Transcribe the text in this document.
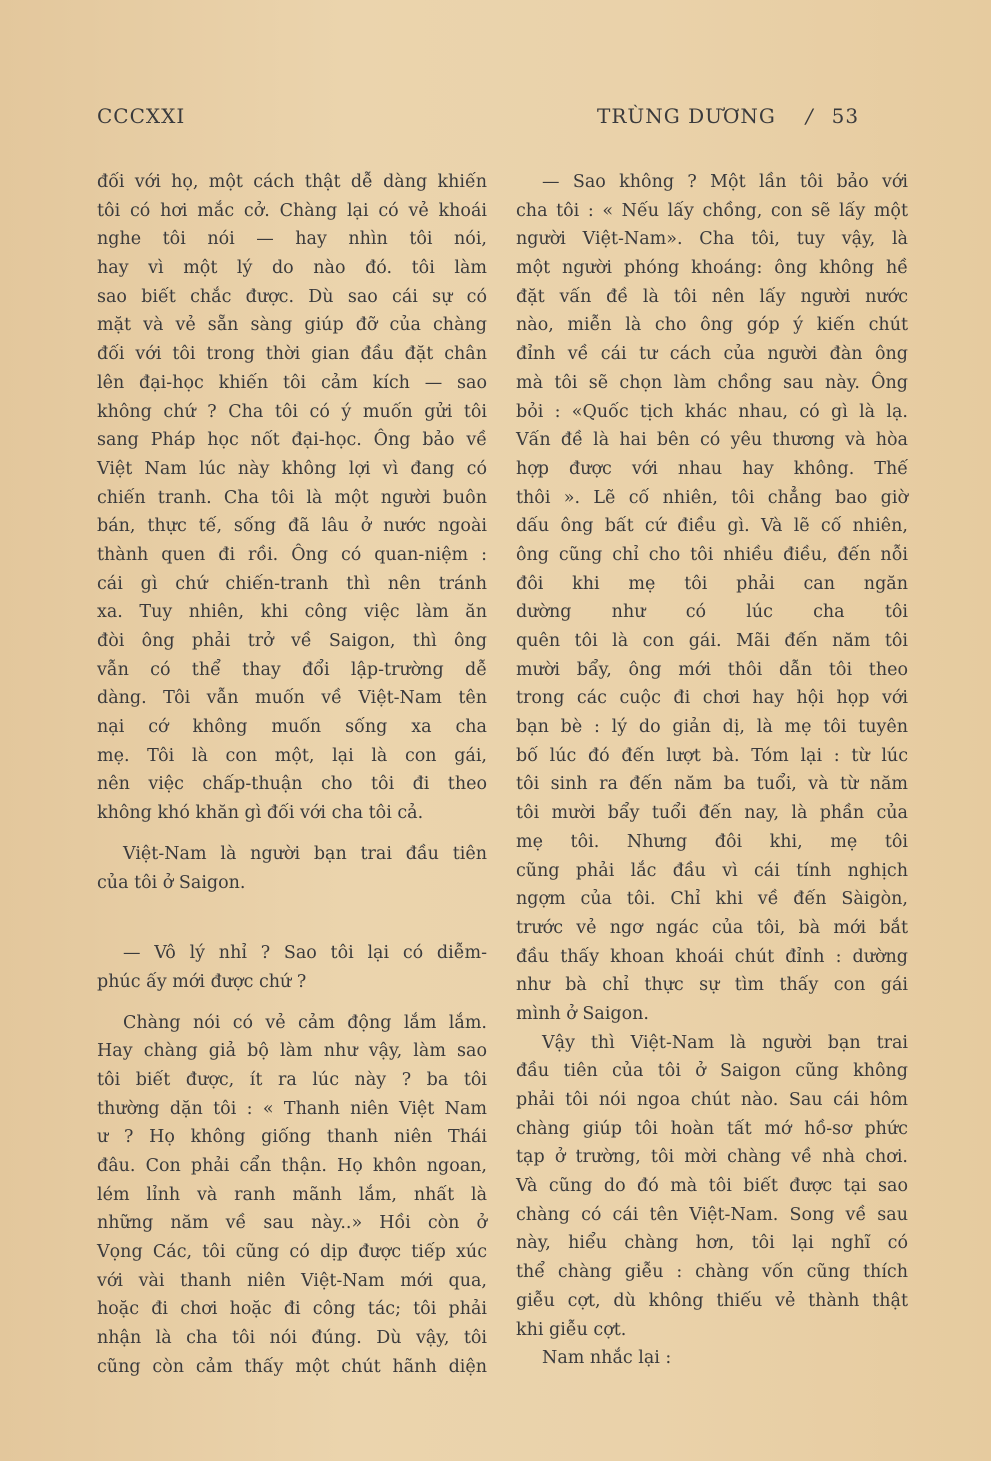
CCCXXI	TRÙNG DƯƠNG / 53
đối với họ, một cách thật dễ dàng khiến
tôi có hơi mắc cở. Chàng lại có vẻ khoái
nghe tôi nói — hay nhìn tôi nói,
hay vì một lý do nào đó. tôi làm
sao biết chắc được. Dù sao cái sự có
mặt và vẻ sẵn sàng giúp đỡ của chàng
đối với tôi trong thời gian đầu đặt chân
lên đại-học khiến tôi cảm kích — sao
không chứ ? Cha tôi có ý muốn gửi tôi
sang Pháp học nốt đại-học. Ông bảo về
Việt Nam lúc này không lợi vì đang có
chiến tranh. Cha tôi là một người buôn
bán, thực tế, sống đã lâu ở nước ngoài
thành quen đi rồi. Ông có quan-niệm :
cái gì chứ chiến-tranh thì nên tránh
xa. Tuy nhiên, khi công việc làm ăn
đòi ông phải trở về Saigon, thì ông
vẫn có thể thay đổi lập-trường dễ
dàng. Tôi vẫn muốn về Việt-Nam tên
nại cớ không muốn sống xa cha
mẹ. Tôi là con một, lại là con gái,
nên việc chấp-thuận cho tôi đi theo
không khó khăn gì đối với cha tôi cả.
Việt-Nam là người bạn trai đầu tiên
của tôi ở Saigon.
— Vô lý nhỉ ? Sao tôi lại có diễm-
phúc ấy mới được chứ ?
Chàng nói có vẻ cảm động lắm lắm.
Hay chàng giả bộ làm như vậy, làm sao
tôi biết được, ít ra lúc này ? ba tôi
thường dặn tôi : « Thanh niên Việt Nam
ư ? Họ không giống thanh niên Thái
đâu. Con phải cẩn thận. Họ khôn ngoan,
lém lỉnh và ranh mãnh lắm, nhất là
những năm về sau này..» Hồi còn ở
Vọng Các, tôi cũng có dịp được tiếp xúc
với vài thanh niên Việt-Nam mới qua,
hoặc đi chơi hoặc đi công tác; tôi phải
nhận là cha tôi nói đúng. Dù vậy, tôi
cũng còn cảm thấy một chút hãnh diện
— Sao không ? Một lần tôi bảo với
cha tôi : « Nếu lấy chồng, con sẽ lấy một
người Việt-Nam». Cha tôi, tuy vậy, là
một người phóng khoáng: ông không hề
đặt vấn đề là tôi nên lấy người nước
nào, miễn là cho ông góp ý kiến chút
đỉnh về cái tư cách của người đàn ông
mà tôi sẽ chọn làm chồng sau này. Ông
bỏi : «Quốc tịch khác nhau, có gì là lạ.
Vấn đề là hai bên có yêu thương và hòa
hợp được với nhau hay không. Thế
thôi ». Lẽ cố nhiên, tôi chẳng bao giờ
dấu ông bất cứ điều gì. Và lẽ cố nhiên,
ông cũng chỉ cho tôi nhiều điều, đến nỗi
đôi khi mẹ tôi phải can ngăn
dường như có lúc cha tôi
quên tôi là con gái. Mãi đến năm tôi
mười bẩy, ông mới thôi dẫn tôi theo
trong các cuộc đi chơi hay hội họp với
bạn bè : lý do giản dị, là mẹ tôi tuyên
bố lúc đó đến lượt bà. Tóm lại : từ lúc
tôi sinh ra đến năm ba tuổi, và từ năm
tôi mười bẩy tuổi đến nay, là phần của
mẹ tôi. Nhưng đôi khi, mẹ tôi
cũng phải lắc đầu vì cái tính nghịch
ngợm của tôi. Chỉ khi về đến Sàigòn,
trước vẻ ngơ ngác của tôi, bà mới bắt
đầu thấy khoan khoái chút đỉnh : dường
như bà chỉ thực sự tìm thấy con gái
mình ở Saigon.
Vậy thì Việt-Nam là người bạn trai
đầu tiên của tôi ở Saigon cũng không
phải tôi nói ngoa chút nào. Sau cái hôm
chàng giúp tôi hoàn tất mớ hồ-sơ phức
tạp ở trường, tôi mời chàng về nhà chơi.
Và cũng do đó mà tôi biết được tại sao
chàng có cái tên Việt-Nam. Song về sau
này, hiểu chàng hơn, tôi lại nghĩ có
thể chàng giễu : chàng vốn cũng thích
giễu cợt, dù không thiếu vẻ thành thật
khi giễu cợt.
Nam nhắc lại :
